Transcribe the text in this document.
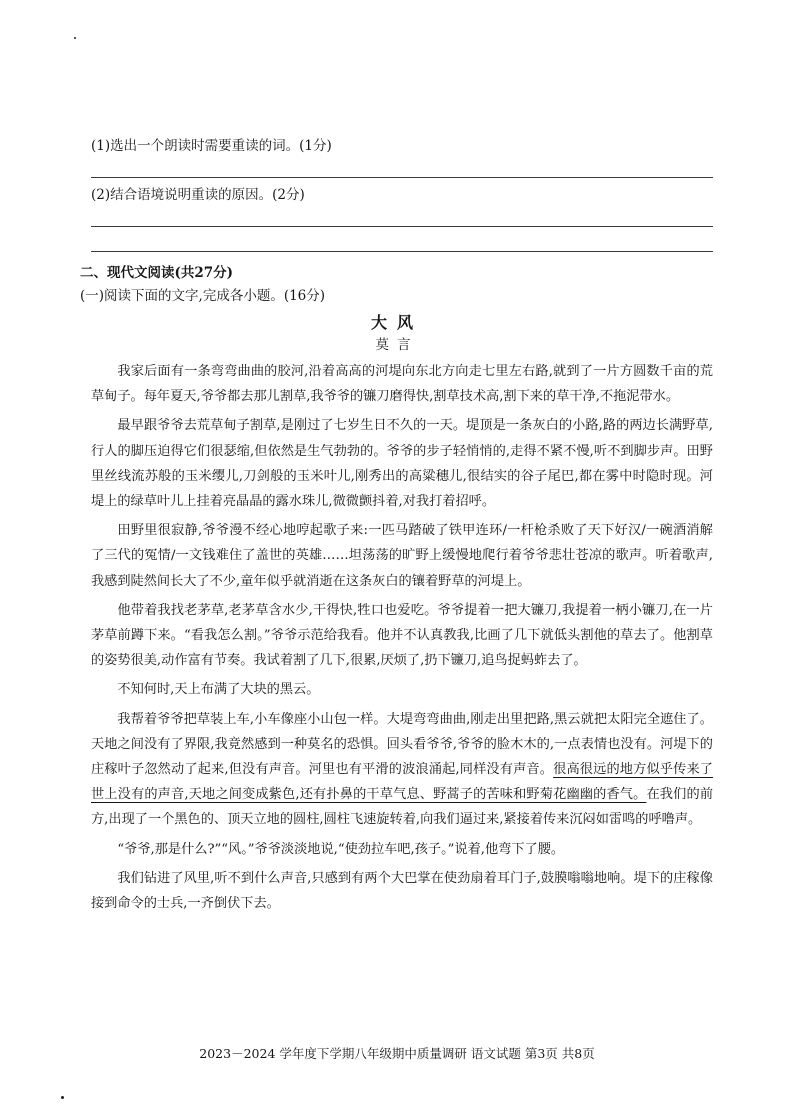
(1)选出一个朗读时需要重读的词。(1分)
(2)结合语境说明重读的原因。(2分)
二、现代文阅读(共27分)
(一)阅读下面的文字,完成各小题。(16分)
大风
莫言

我家后面有一条弯弯曲曲的胶河,沿着高高的河堤向东北方向走七里左右路,就到了一片方圆数千亩的荒草甸子。每年夏天,爷爷都去那儿割草,我爷爷的镰刀磨得快,割草技术高,割下来的草干净,不拖泥带水。

最早跟爷爷去荒草甸子割草,是刚过了七岁生日不久的一天。堤顶是一条灰白的小路,路的两边长满野草,行人的脚压迫得它们很瑟缩,但依然是生气勃勃的。爷爷的步子轻悄悄的,走得不紧不慢,听不到脚步声。田野里丝线流苏般的玉米缨儿,刀剑般的玉米叶儿,刚秀出的高粱穗儿,很结实的谷子尾巴,都在雾中时隐时现。河堤上的绿草叶儿上挂着亮晶晶的露水珠儿,微微颤抖着,对我打着招呼。

田野里很寂静,爷爷漫不经心地哼起歌子来:一匹马踏破了铁甲连环/一杆枪杀败了天下好汉/一碗酒消解了三代的冤情/一文钱难住了盖世的英雄……坦荡荡的旷野上缓慢地爬行着爷爷悲壮苍凉的歌声。听着歌声,我感到陡然间长大了不少,童年似乎就消逝在这条灰白的镶着野草的河堤上。

他带着我找老茅草,老茅草含水少,干得快,牲口也爱吃。爷爷提着一把大镰刀,我提着一柄小镰刀,在一片茅草前蹲下来。“看我怎么割。”爷爷示范给我看。他并不认真教我,比画了几下就低头割他的草去了。他割草的姿势很美,动作富有节奏。我试着割了几下,很累,厌烦了,扔下镰刀,追鸟捉蚂蚱去了。

不知何时,天上布满了大块的黑云。

我帮着爷爷把草装上车,小车像座小山包一样。大堤弯弯曲曲,刚走出里把路,黑云就把太阳完全遮住了。天地之间没有了界限,我竟然感到一种莫名的恐惧。回头看爷爷,爷爷的脸木木的,一点表情也没有。河堤下的庄稼叶子忽然动了起来,但没有声音。河里也有平滑的波浪涌起,同样没有声音。很高很远的地方似乎传来了世上没有的声音,天地之间变成紫色,还有扑鼻的干草气息、野蒿子的苦味和野菊花幽幽的香气。在我们的前方,出现了一个黑色的、顶天立地的圆柱,圆柱飞速旋转着,向我们逼过来,紧接着传来沉闷如雷鸣的呼噜声。

“爷爷,那是什么?”“风。”爷爷淡淡地说,“使劲拉车吧,孩子。”说着,他弯下了腰。

我们钻进了风里,听不到什么声音,只感到有两个大巴掌在使劲扇着耳门子,鼓膜嗡嗡地响。堤下的庄稼像接到命令的士兵,一齐倒伏下去。

2023－2024 学年度下学期八年级期中质量调研 语文试题 第3页 共8页
